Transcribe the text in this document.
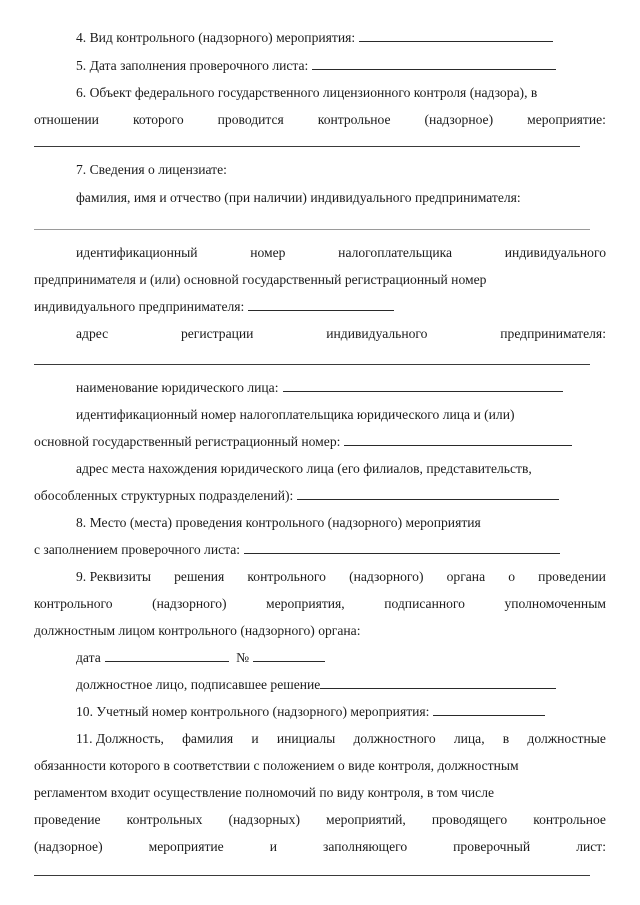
4. Вид контрольного (надзорного) мероприятия:
5. Дата заполнения проверочного листа:
6. Объект федерального государственного лицензионного контроля (надзора), в
отношении которого проводится контрольное (надзорное) мероприятие:
7. Сведения о лицензиате:
фамилия, имя и отчество (при наличии) индивидуального предпринимателя:
идентификационный	номер	налогоплательщика	индивидуального
предпринимателя и (или) основной государственный регистрационный номер
индивидуального предпринимателя:
адрес	регистрации	индивидуального	предпринимателя:
наименование юридического лица:
идентификационный номер налогоплательщика юридического лица и (или)
основной государственный регистрационный номер:
адрес места нахождения юридического лица (его филиалов, представительств,
обособленных структурных подразделений):
8. Место (места) проведения контрольного (надзорного) мероприятия
с заполнением проверочного листа:
9. Реквизиты решения контрольного (надзорного) органа о проведении
контрольного	(надзорного)	мероприятия,	подписанного	уполномоченным
должностным лицом контрольного (надзорного) органа:
дата	№
должностное лицо, подписавшее решение
10. Учетный номер контрольного (надзорного) мероприятия:
11. Должность, фамилия и инициалы должностного лица, в должностные
обязанности которого в соответствии с положением о виде контроля, должностным
регламентом входит осуществление полномочий по виду контроля, в том числе
проведение контрольных (надзорных) мероприятий, проводящего контрольное
(надзорное)	мероприятие	и	заполняющего	проверочный	лист:
